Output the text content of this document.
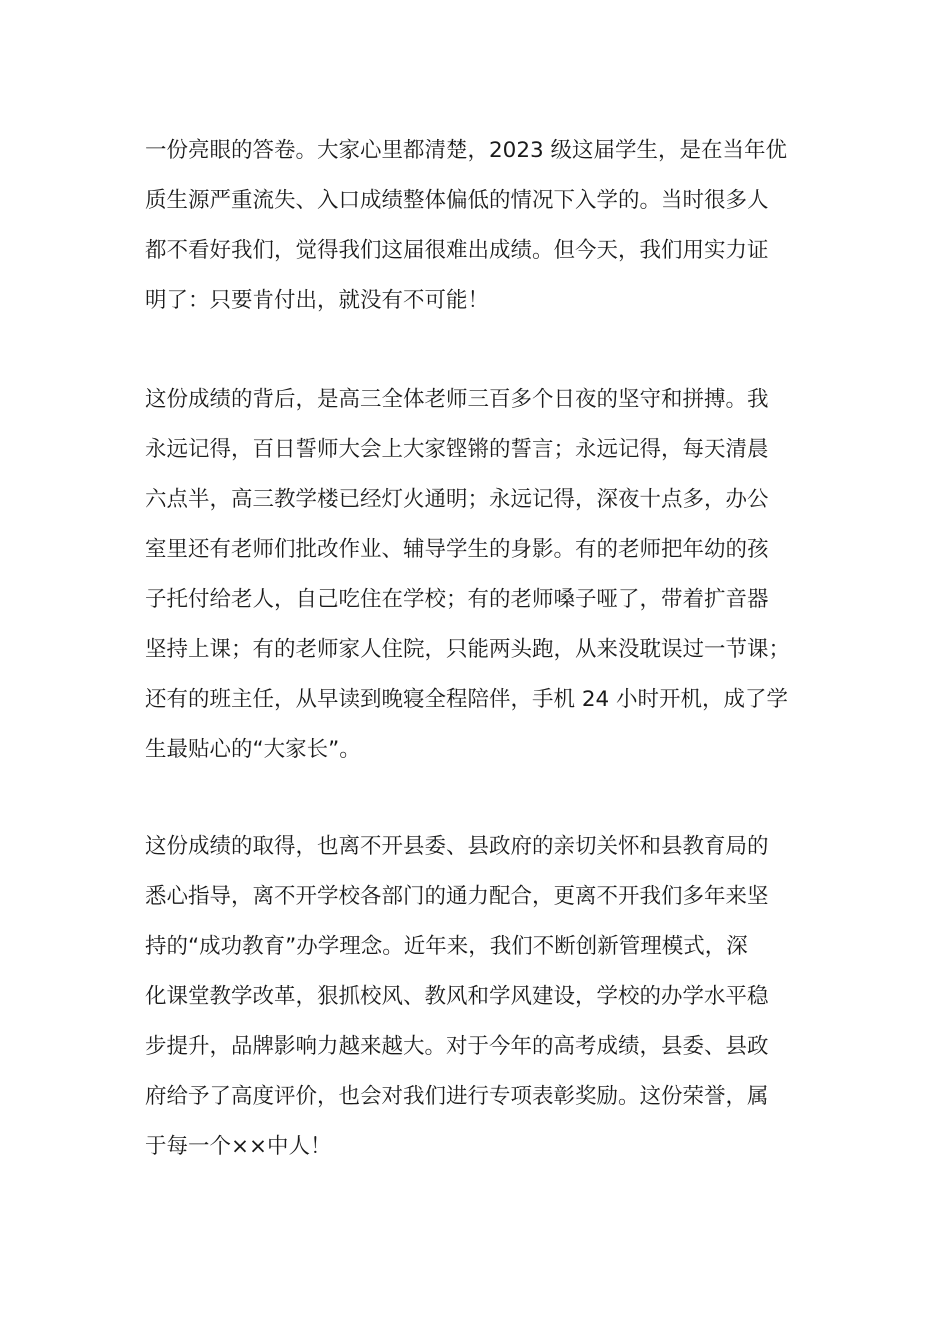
一份亮眼的答卷。大家心里都清楚，2023 级这届学生，是在当年优
质生源严重流失、入口成绩整体偏低的情况下入学的。当时很多人
都不看好我们，觉得我们这届很难出成绩。但今天，我们用实力证
明了：只要肯付出，就没有不可能！
这份成绩的背后，是高三全体老师三百多个日夜的坚守和拼搏。我
永远记得，百日誓师大会上大家铿锵的誓言；永远记得，每天清晨
六点半，高三教学楼已经灯火通明；永远记得，深夜十点多，办公
室里还有老师们批改作业、辅导学生的身影。有的老师把年幼的孩
子托付给老人，自己吃住在学校；有的老师嗓子哑了，带着扩音器
坚持上课；有的老师家人住院，只能两头跑，从来没耽误过一节课；
还有的班主任，从早读到晚寝全程陪伴，手机 24 小时开机，成了学
生最贴心的“大家长”。
这份成绩的取得，也离不开县委、县政府的亲切关怀和县教育局的
悉心指导，离不开学校各部门的通力配合，更离不开我们多年来坚
持的“成功教育”办学理念。近年来，我们不断创新管理模式，深
化课堂教学改革，狠抓校风、教风和学风建设，学校的办学水平稳
步提升，品牌影响力越来越大。对于今年的高考成绩，县委、县政
府给予了高度评价，也会对我们进行专项表彰奖励。这份荣誉，属
于每一个××中人！
